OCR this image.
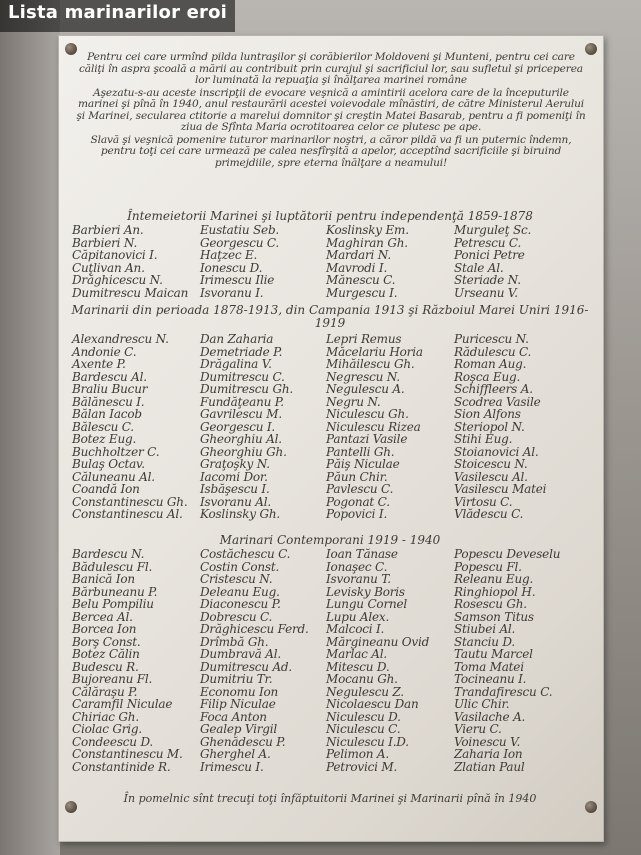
Lista marinarilor eroi

Pentru cei care urmînd pilda luntraşilor şi corăbierilor Moldoveni şi Munteni, pentru cei care căliţi în aspra şcoală a mării au contribuit prin curajul şi sacrificiul lor, sau sufletul şi priceperea lor luminată la repuaţia şi înălţarea marinei române

Aşezatu-s-au aceste inscripţii de evocare veşnică a amintirii acelora care de la începuturile marinei şi pînă în 1940, anul restaurării acestei voievodale mînăstiri, de către Ministerul Aerului şi Marinei, secularea ctitorie a marelui domnitor şi creştin Matei Basarab, pentru a fi pomeniţi în ziua de Sfînta Maria ocrotitoarea celor ce plutesc pe ape.

Slavă şi veşnică pomenire tuturor marinarilor noştri, a căror pildă va fi un puternic îndemn, pentru toţi cei care urmează pe calea nesfîrşită a apelor, acceptînd sacrificiile şi biruind primejdiile, spre eterna înălţare a neamului!

Întemeietorii Marinei şi luptătorii pentru independenţă 1859-1878
Barbieri An.
Barbieri N.
Căpitanovici I.
Cuţlivan An.
Drăghicescu N.
Dumitrescu Maican
Eustatiu Seb.
Georgescu C.
Haţzec E.
Ionescu D.
Irimescu Ilie
Isvoranu I.
Koslinsky Em.
Maghiran Gh.
Mardari N.
Mavrodi I.
Mănescu C.
Murgescu I.
Murguleţ Sc.
Petrescu C.
Ponici Petre
Stale Al.
Steriade N.
Urseanu V.
Marinarii din perioada 1878-1913, din Campania 1913 şi Războiul Marei Uniri 1916-1919
Alexandrescu N.
Andonie C.
Axente P.
Bardescu Al.
Braliu Bucur
Bălănescu I.
Bălan Iacob
Bălescu C.
Botez Eug.
Buchholtzer C.
Bulaş Octav.
Căluneanu Al.
Coandă Ion
Constantinescu Gh.
Constantinescu Al.
Dan Zaharia
Demetriade P.
Drăgalina V.
Dumitrescu C.
Dumitrescu Gh.
Fundăţeanu P.
Gavrilescu M.
Georgescu I.
Gheorghiu Al.
Gheorghiu Gh.
Graţoşky N.
Iacomi Dor.
Isbăşescu I.
Isvoranu Al.
Koslinsky Gh.
Lepri Remus
Măcelariu Horia
Mihăilescu Gh.
Negrescu N.
Negulescu A.
Negru N.
Niculescu Gh.
Niculescu Rizea
Pantazi Vasile
Pantelli Gh.
Păiş Niculae
Păun Chir.
Pavlescu C.
Pogonat C.
Popovici I.
Puricescu N.
Rădulescu C.
Roman Aug.
Roşca Eug.
Schiffleers A.
Scodrea Vasile
Sion Alfons
Steriopol N.
Stihi Eug.
Stoianovici Al.
Stoicescu N.
Vasilescu Al.
Vasilescu Matei
Virtosu C.
Vlădescu C.
Marinari Contemporani 1919 - 1940
Bardescu N.
Bădulescu Fl.
Banică Ion
Bărbuneanu P.
Belu Pompiliu
Bercea Al.
Borcea Ion
Borş Const.
Botez Călin
Budescu R.
Bujoreanu Fl.
Călăraşu P.
Caramfil Niculae
Chiriac Gh.
Ciolac Grig.
Condeescu D.
Constantinescu M.
Constantinide R.
Costăchescu C.
Costin Const.
Cristescu N.
Deleanu Eug.
Diaconescu P.
Dobrescu C.
Drăghicescu Ferd.
Drîmbă Gh.
Dumbravă Al.
Dumitrescu Ad.
Dumitriu Tr.
Economu Ion
Filip Niculae
Foca Anton
Gealep Virgil
Ghenădescu P.
Gherghel A.
Irimescu I.
Ioan Tănase
Ionaşec C.
Isvoranu T.
Levisky Boris
Lungu Cornel
Lupu Alex.
Malcoci I.
Mărgineanu Ovid
Marlac Al.
Mitescu D.
Mocanu Gh.
Negulescu Z.
Nicolaescu Dan
Niculescu D.
Niculescu C.
Niculescu I.D.
Pelimon A.
Petrovici M.
Popescu Deveselu
Popescu Fl.
Releanu Eug.
Ringhiopol H.
Rosescu Gh.
Samson Titus
Stiubei Al.
Stanciu D.
Tautu Marcel
Toma Matei
Tocineanu I.
Trandafirescu C.
Ulic Chir.
Vasilache A.
Vieru C.
Voinescu V.
Zaharia Ion
Zlatian Paul
În pomelnic sînt trecuţi toţi înfăptuitorii Marinei şi Marinarii pînă în 1940
